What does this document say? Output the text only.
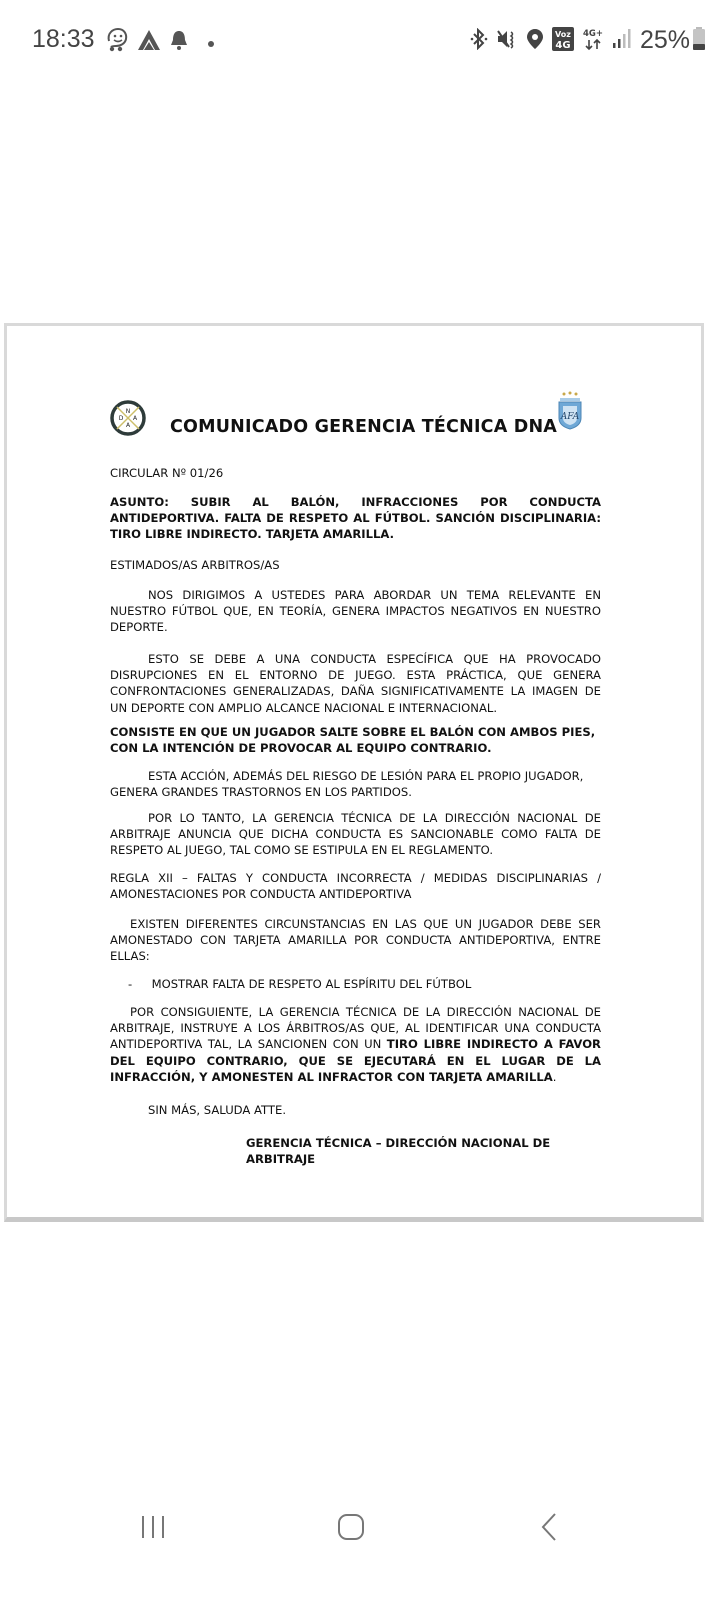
18:33	Voz
4G
4G+ 25%
N
D A
A COMUNICADO GERENCIA TÉCNICA DNA AFA
CIRCULAR Nº 01/26
ASUNTO: SUBIR AL BALÓN, INFRACCIONES POR CONDUCTA ANTIDEPORTIVA. FALTA DE RESPETO AL FÚTBOL. SANCIÓN DISCIPLINARIA: TIRO LIBRE INDIRECTO. TARJETA AMARILLA.
ESTIMADOS/AS ARBITROS/AS
NOS DIRIGIMOS A USTEDES PARA ABORDAR UN TEMA RELEVANTE EN NUESTRO FÚTBOL QUE, EN TEORÍA, GENERA IMPACTOS NEGATIVOS EN NUESTRO DEPORTE.
ESTO SE DEBE A UNA CONDUCTA ESPECÍFICA QUE HA PROVOCADO DISRUPCIONES EN EL ENTORNO DE JUEGO. ESTA PRÁCTICA, QUE GENERA CONFRONTACIONES GENERALIZADAS, DAÑA SIGNIFICATIVAMENTE LA IMAGEN DE UN DEPORTE CON AMPLIO ALCANCE NACIONAL E INTERNACIONAL.
CONSISTE EN QUE UN JUGADOR SALTE SOBRE EL BALÓN CON AMBOS PIES, CON LA INTENCIÓN DE PROVOCAR AL EQUIPO CONTRARIO.
ESTA ACCIÓN, ADEMÁS DEL RIESGO DE LESIÓN PARA EL PROPIO JUGADOR, GENERA GRANDES TRASTORNOS EN LOS PARTIDOS.
POR LO TANTO, LA GERENCIA TÉCNICA DE LA DIRECCIÓN NACIONAL DE ARBITRAJE ANUNCIA QUE DICHA CONDUCTA ES SANCIONABLE COMO FALTA DE RESPETO AL JUEGO, TAL COMO SE ESTIPULA EN EL REGLAMENTO.
REGLA XII – FALTAS Y CONDUCTA INCORRECTA / MEDIDAS DISCIPLINARIAS / AMONESTACIONES POR CONDUCTA ANTIDEPORTIVA
EXISTEN DIFERENTES CIRCUNSTANCIAS EN LAS QUE UN JUGADOR DEBE SER AMONESTADO CON TARJETA AMARILLA POR CONDUCTA ANTIDEPORTIVA, ENTRE ELLAS:
- MOSTRAR FALTA DE RESPETO AL ESPÍRITU DEL FÚTBOL
POR CONSIGUIENTE, LA GERENCIA TÉCNICA DE LA DIRECCIÓN NACIONAL DE ARBITRAJE, INSTRUYE A LOS ÁRBITROS/AS QUE, AL IDENTIFICAR UNA CONDUCTA ANTIDEPORTIVA TAL, LA SANCIONEN CON UN TIRO LIBRE INDIRECTO A FAVOR DEL EQUIPO CONTRARIO, QUE SE EJECUTARÁ EN EL LUGAR DE LA INFRACCIÓN, Y AMONESTEN AL INFRACTOR CON TARJETA AMARILLA.
SIN MÁS, SALUDA ATTE.
GERENCIA TÉCNICA – DIRECCIÓN NACIONAL DE ARBITRAJE
